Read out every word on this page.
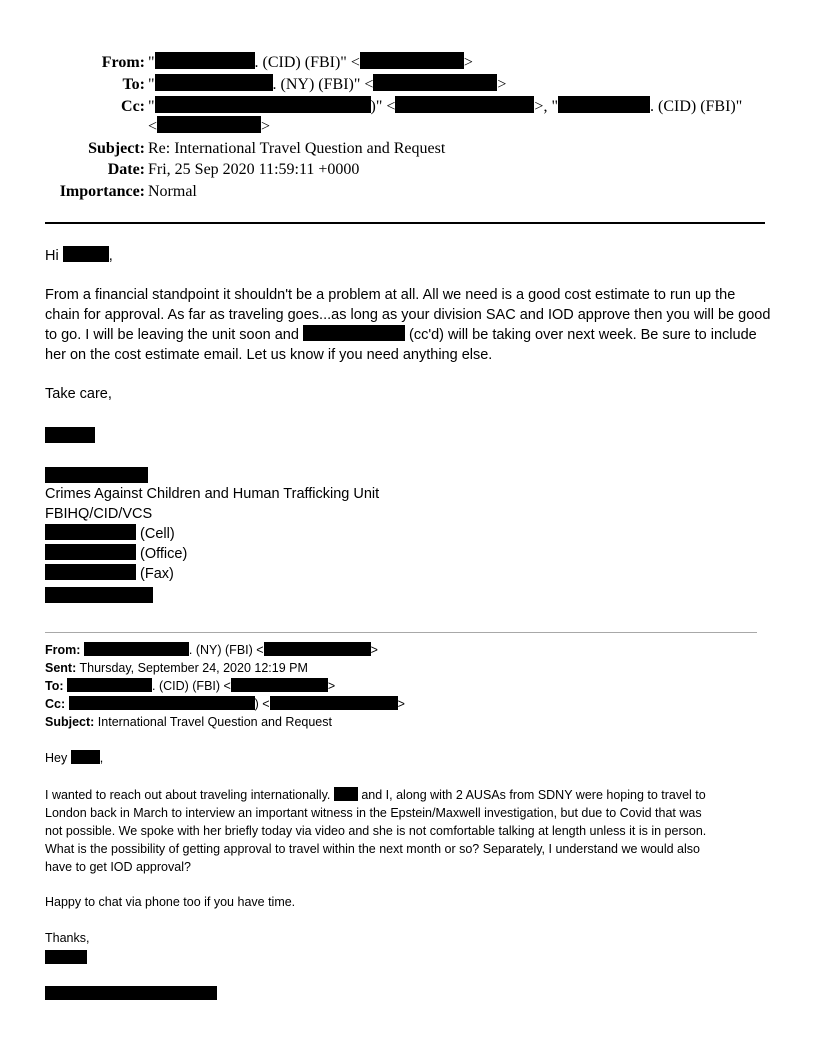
From: "	. (CID) (FBI)" <	>
To: "	. (NY) (FBI)" <	>
Cc: "	)" <	>, "	. (CID) (FBI)"
<	>
Subject: Re: International Travel Question and Request
Date: Fri, 25 Sep 2020 11:59:11 +0000
Importance: Normal
Hi	,
From a financial standpoint it shouldn't be a problem at all. All we need is a good cost estimate to run up the
chain for approval. As far as traveling goes...as long as your division SAC and IOD approve then you will be good
to go. I will be leaving the unit soon and	(cc'd) will be taking over next week. Be sure to include
her on the cost estimate email. Let us know if you need anything else.
Take care,
Crimes Against Children and Human Trafficking Unit
FBIHQ/CID/VCS
(Cell)
(Office)
(Fax)
From:	. (NY) (FBI) <	>
Sent: Thursday, September 24, 2020 12:19 PM
To:	. (CID) (FBI) <	>
Cc:	) <	>
Subject: International Travel Question and Request
Hey	,
I wanted to reach out about traveling internationally. and I, along with 2 AUSAs from SDNY were hoping to travel to
London back in March to interview an important witness in the Epstein/Maxwell investigation, but due to Covid that was
not possible. We spoke with her briefly today via video and she is not comfortable talking at length unless it is in person.
What is the possibility of getting approval to travel within the next month or so? Separately, I understand we would also
have to get IOD approval?
Happy to chat via phone too if you have time.
Thanks,
